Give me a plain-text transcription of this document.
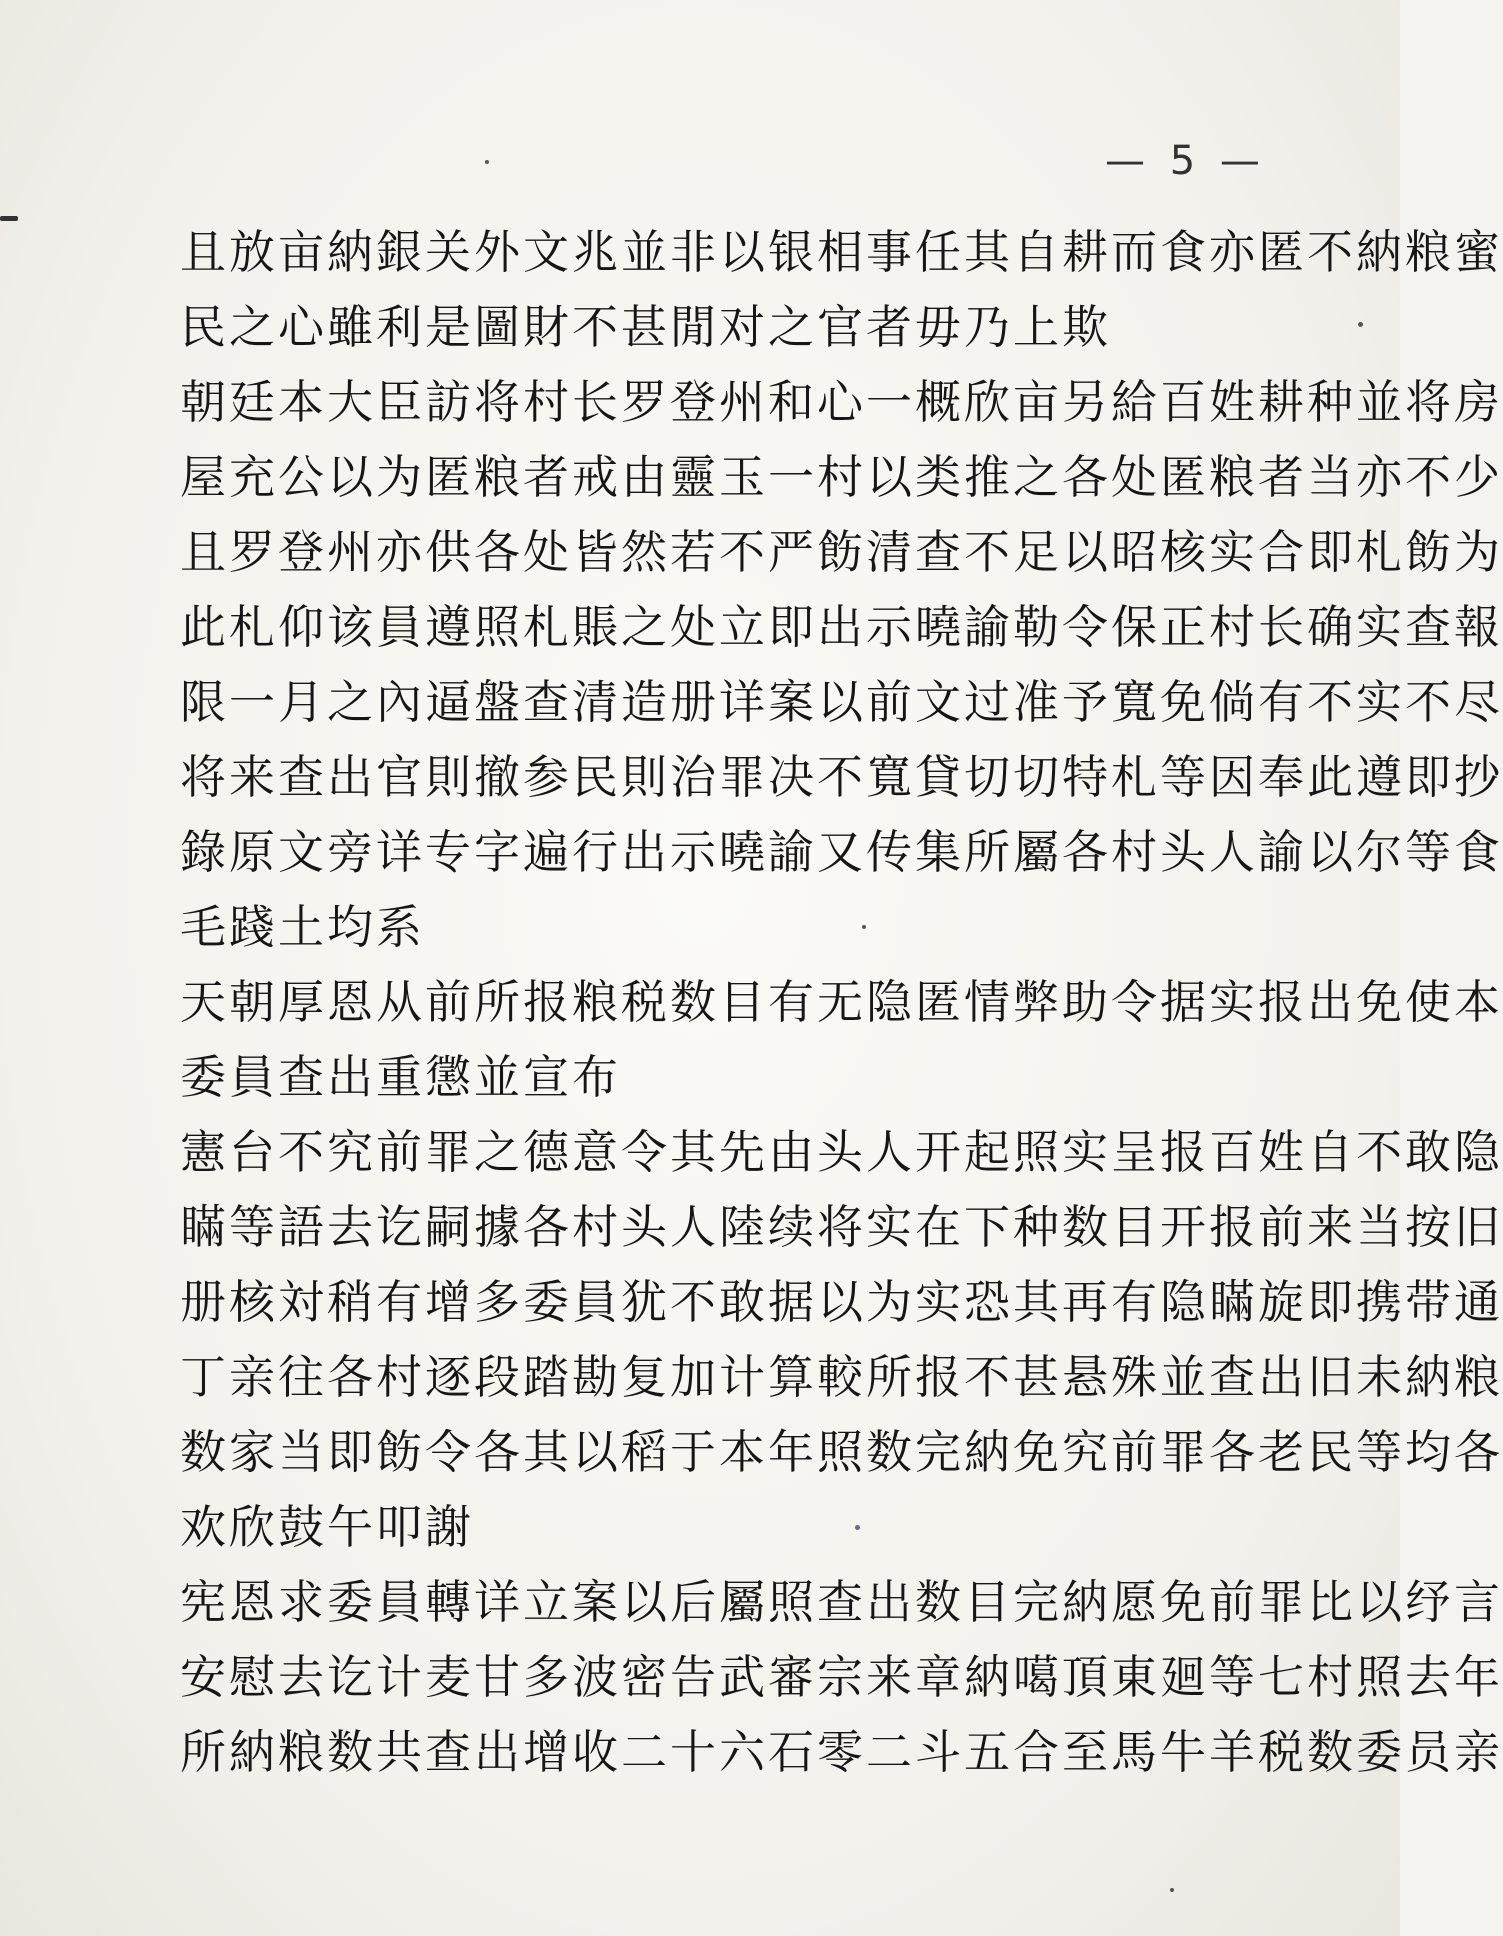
— 5 —
且放亩納銀关外文兆並非以银相事任其自耕而食亦匿不納粮蜜
民之心雖利是圖財不甚閒对之官者毋乃上欺
朝廷本大臣訪将村长罗登州和心一概欣亩另給百姓耕种並将房
屋充公以为匿粮者戒由靈玉一村以类推之各处匿粮者当亦不少
且罗登州亦供各处皆然若不严飭清查不足以昭核实合即札飭为
此札仰该員遵照札賬之处立即出示曉諭勒令保正村长确实查報
限一月之內逼盤查清造册详案以前文过准予寬免倘有不实不尽
将来查出官則撤参民則治罪决不寬貸切切特札等因奉此遵即抄
錄原文旁详专字遍行出示曉諭又传集所屬各村头人諭以尔等食
毛踐土均系
天朝厚恩从前所报粮税数目有无隐匿情弊助令据实报出免使本
委員查出重懲並宣布
憲台不究前罪之德意令其先由头人开起照实呈报百姓自不敢隐
瞞等語去讫嗣據各村头人陸续将实在下种数目开报前来当按旧
册核対稍有增多委員犹不敢据以为实恐其再有隐瞞旋即携带通
丁亲往各村逐段踏勘复加计算較所报不甚悬殊並查出旧未納粮
数家当即飭令各其以稻于本年照数完納免究前罪各老民等均各
欢欣鼓午叩謝
宪恩求委員轉详立案以后屬照查出数目完納愿免前罪比以纾言
安慰去讫计麦甘多波密告武審宗来章納噶頂東廻等七村照去年
所納粮数共查出增收二十六石零二斗五合至馬牛羊税数委员亲
